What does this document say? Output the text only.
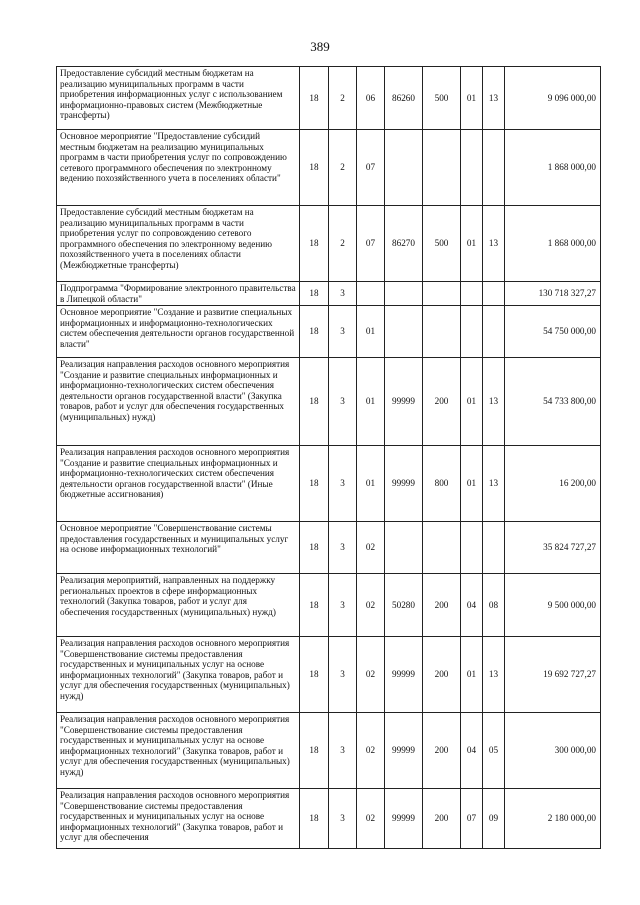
389
Предоставление субсидий местным бюджетам на реализацию муниципальных программ в части приобретения информационных услуг с использованием информационно-правовых систем (Межбюджетные трансферты)	18	2	06	86260	500	01	13	9 096 000,00
Основное мероприятие "Предоставление субсидий местным бюджетам на реализацию муниципальных программ в части приобретения услуг по сопровождению сетевого программного обеспечения по электронному ведению похозяйственного учета в поселениях области"	18	2	07					1 868 000,00
Предоставление субсидий местным бюджетам на реализацию муниципальных программ в части приобретения услуг по сопровождению сетевого программного обеспечения по электронному ведению похозяйственного учета в поселениях области (Межбюджетные трансферты)	18	2	07	86270	500	01	13	1 868 000,00
Подпрограмма "Формирование электронного правительства в Липецкой области"	18	3						130 718 327,27
Основное мероприятие "Создание и развитие специальных информационных и информационно-технологических систем обеспечения деятельности органов государственной власти"	18	3	01					54 750 000,00
Реализация направления расходов основного мероприятия "Создание и развитие специальных информационных и информационно-технологических систем обеспечения деятельности органов государственной власти" (Закупка товаров, работ и услуг для обеспечения государственных (муниципальных) нужд)	18	3	01	99999	200	01	13	54 733 800,00
Реализация направления расходов основного мероприятия "Создание и развитие специальных информационных и информационно-технологических систем обеспечения деятельности органов государственной власти" (Иные бюджетные ассигнования)	18	3	01	99999	800	01	13	16 200,00
Основное мероприятие "Совершенствование системы предоставления государственных и муниципальных услуг на основе информационных технологий"	18	3	02					35 824 727,27
Реализация мероприятий, направленных на поддержку региональных проектов в сфере информационных технологий (Закупка товаров, работ и услуг для обеспечения государственных (муниципальных) нужд)	18	3	02	50280	200	04	08	9 500 000,00
Реализация направления расходов основного мероприятия "Совершенствование системы предоставления государственных и муниципальных услуг на основе информационных технологий" (Закупка товаров, работ и услуг для обеспечения государственных (муниципальных) нужд)	18	3	02	99999	200	01	13	19 692 727,27
Реализация направления расходов основного мероприятия "Совершенствование системы предоставления государственных и муниципальных услуг на основе информационных технологий" (Закупка товаров, работ и услуг для обеспечения государственных (муниципальных) нужд)	18	3	02	99999	200	04	05	300 000,00
Реализация направления расходов основного мероприятия "Совершенствование системы предоставления государственных и муниципальных услуг на основе информационных технологий" (Закупка товаров, работ и услуг для обеспечения	18	3	02	99999	200	07	09	2 180 000,00
